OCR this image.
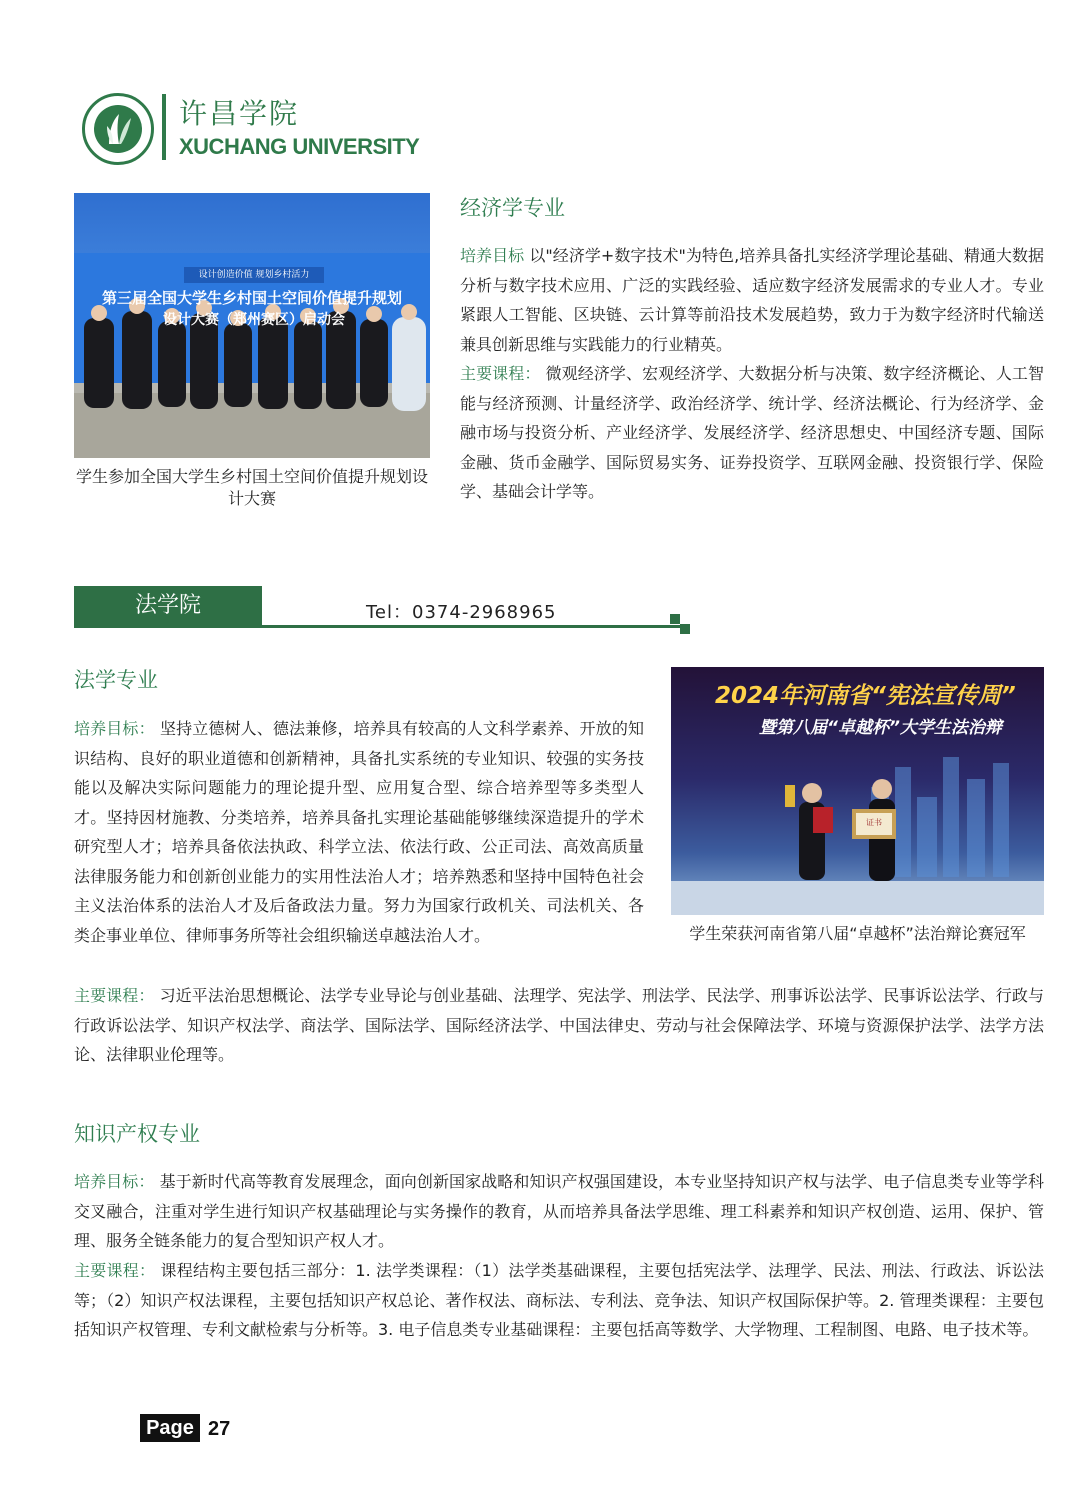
许昌学院
XUCHANG UNIVERSITY
设计创造价值 规划乡村活力
第三届全国大学生乡村国土空间价值提升规划
设计大赛（郑州赛区）启动会
学生参加全国大学生乡村国土空间价值提升规划设计大赛
经济学专业
培养目标 以"经济学+数字技术"为特色,培养具备扎实经济学理论基础、精通大数据分析与数字技术应用、广泛的实践经验、适应数字经济发展需求的专业人才。专业紧跟人工智能、区块链、云计算等前沿技术发展趋势，致力于为数字经济时代输送兼具创新思维与实践能力的行业精英。
主要课程： 微观经济学、宏观经济学、大数据分析与决策、数字经济概论、人工智能与经济预测、计量经济学、政治经济学、统计学、经济法概论、行为经济学、金融市场与投资分析、产业经济学、发展经济学、经济思想史、中国经济专题、国际金融、货币金融学、国际贸易实务、证券投资学、互联网金融、投资银行学、保险学、基础会计学等。
法学院	Tel：0374-2968965
法学专业
培养目标： 坚持立德树人、德法兼修，培养具有较高的人文科学素养、开放的知识结构、良好的职业道德和创新精神，具备扎实系统的专业知识、较强的实务技能以及解决实际问题能力的理论提升型、应用复合型、综合培养型等多类型人才。坚持因材施教、分类培养，培养具备扎实理论基础能够继续深造提升的学术研究型人才；培养具备依法执政、科学立法、依法行政、公正司法、高效高质量法律服务能力和创新创业能力的实用性法治人才；培养熟悉和坚持中国特色社会主义法治体系的法治人才及后备政法力量。努力为国家行政机关、司法机关、各类企事业单位、律师事务所等社会组织输送卓越法治人才。
2024年河南省“宪法宣传周”
暨第八届“卓越杯”大学生法治辩
证书
学生荣获河南省第八届“卓越杯”法治辩论赛冠军
主要课程： 习近平法治思想概论、法学专业导论与创业基础、法理学、宪法学、刑法学、民法学、刑事诉讼法学、民事诉讼法学、行政与行政诉讼法学、知识产权法学、商法学、国际法学、国际经济法学、中国法律史、劳动与社会保障法学、环境与资源保护法学、法学方法论、法律职业伦理等。
知识产权专业
培养目标： 基于新时代高等教育发展理念，面向创新国家战略和知识产权强国建设，本专业坚持知识产权与法学、电子信息类专业等学科交叉融合，注重对学生进行知识产权基础理论与实务操作的教育，从而培养具备法学思维、理工科素养和知识产权创造、运用、保护、管理、服务全链条能力的复合型知识产权人才。
主要课程： 课程结构主要包括三部分：1. 法学类课程：（1）法学类基础课程，主要包括宪法学、法理学、民法、刑法、行政法、诉讼法等；（2）知识产权法课程，主要包括知识产权总论、著作权法、商标法、专利法、竞争法、知识产权国际保护等。2. 管理类课程：主要包括知识产权管理、专利文献检索与分析等。3. 电子信息类专业基础课程：主要包括高等数学、大学物理、工程制图、电路、电子技术等。
Page 27
